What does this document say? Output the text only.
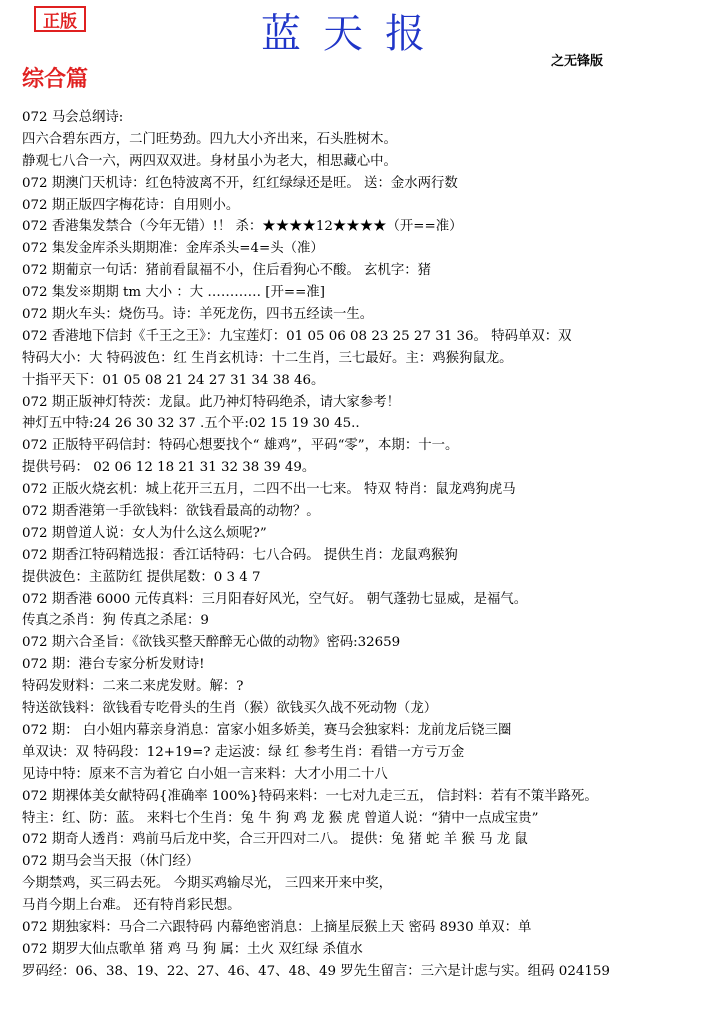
正版	蓝天报
之无锋版
综合篇
072 马会总纲诗:
四六合碧东西方，二门旺势劲。四九大小齐出来，石头胜树木。
静观七八合一六，两四双双进。身材虽小为老大，相思藏心中。
072 期澳门天机诗：红色特波离不开，红红绿绿还是旺。 送：金水两行数
072 期正版四字梅花诗：自用则小。
072 香港集发禁合（今年无错）!！ 杀：★★★★12★★★★（开==准）
072 集发金库杀头期期准：金库杀头=4=头（准）
072 期葡京一句话：猪前看鼠福不小，住后看狗心不酸。 玄机字：猪
072 集发※期期 tm 大小 ：大 ………… [开==准]
072 期火车头：烧伤马。诗：羊死龙伤，四书五经读一生。
072 香港地下信封《千王之王》：九宝莲灯：01 05 06 08 23 25 27 31 36。 特码单双：双
特码大小：大 特码波色：红 生肖玄机诗：十二生肖，三七最好。主：鸡猴狗鼠龙。
十指平天下：01 05 08 21 24 27 31 34 38 46。
072 期正版神灯特茨：龙鼠。此乃神灯特码绝杀，请大家参考！
神灯五中特:24 26 30 32 37 .五个平:02 15 19 30 45..
072 正版特平码信封：特码心想要找个“ 雄鸡”，平码“零”，本期：十一。
提供号码： 02 06 12 18 21 31 32 38 39 49。
072 正版火烧玄机：城上花开三五月，二四不出一七来。 特双 特肖：鼠龙鸡狗虎马
072 期香港第一手欲钱料：欲钱看最高的动物？。
072 期曾道人说：女人为什么这么烦呢?”
072 期香江特码精选报：香江话特码：七八合码。 提供生肖：龙鼠鸡猴狗
提供波色：主蓝防红 提供尾数：0 3 4 7
072 期香港 6000 元传真料：三月阳春好风光，空气好。 朝气蓬勃七显威，是福气。
传真之杀肖：狗 传真之杀尾：9
072 期六合圣旨：《欲钱买整天醉醉无心做的动物》密码:32659
072 期：港台专家分析发财诗!
特码发财料：二来二来虎发财。解：?
特送欲钱料：欲钱看专吃骨头的生肖（猴）欲钱买久战不死动物（龙）
072 期： 白小姐内幕亲身消息：富家小姐多娇美，赛马会独家料：龙前龙后铙三圈
单双诀：双 特码段：12+19=? 走运波：绿 红 参考生肖：看错一方亏万金
见诗中特：原来不言为着它 白小姐一言来料：大才小用二十八
072 期裸体美女献特码{准确率 100%}特码来料：一七对九走三五， 信封料：若有不策半路死。
特主：红、防：蓝。 来料七个生肖：兔 牛 狗 鸡 龙 猴 虎 曾道人说：“猜中一点成宝贵”
072 期奇人透肖：鸡前马后龙中奖，合三开四对二八。 提供：兔 猪 蛇 羊 猴 马 龙 鼠
072 期马会当天报（休门经）
今期禁鸡，买三码去死。 今期买鸡输尽光， 三四来开来中奖，
马肖今期上台难。 还有特肖彩民想。
072 期独家料：马合二六跟特码 内幕绝密消息：上摘星辰猴上天 密码 8930 单双：单
072 期罗大仙点歌单 猪 鸡 马 狗 属：土火 双红绿 杀值水
罗码经：06、38、19、22、27、46、47、48、49 罗先生留言：三六是计虑与实。组码 024159
